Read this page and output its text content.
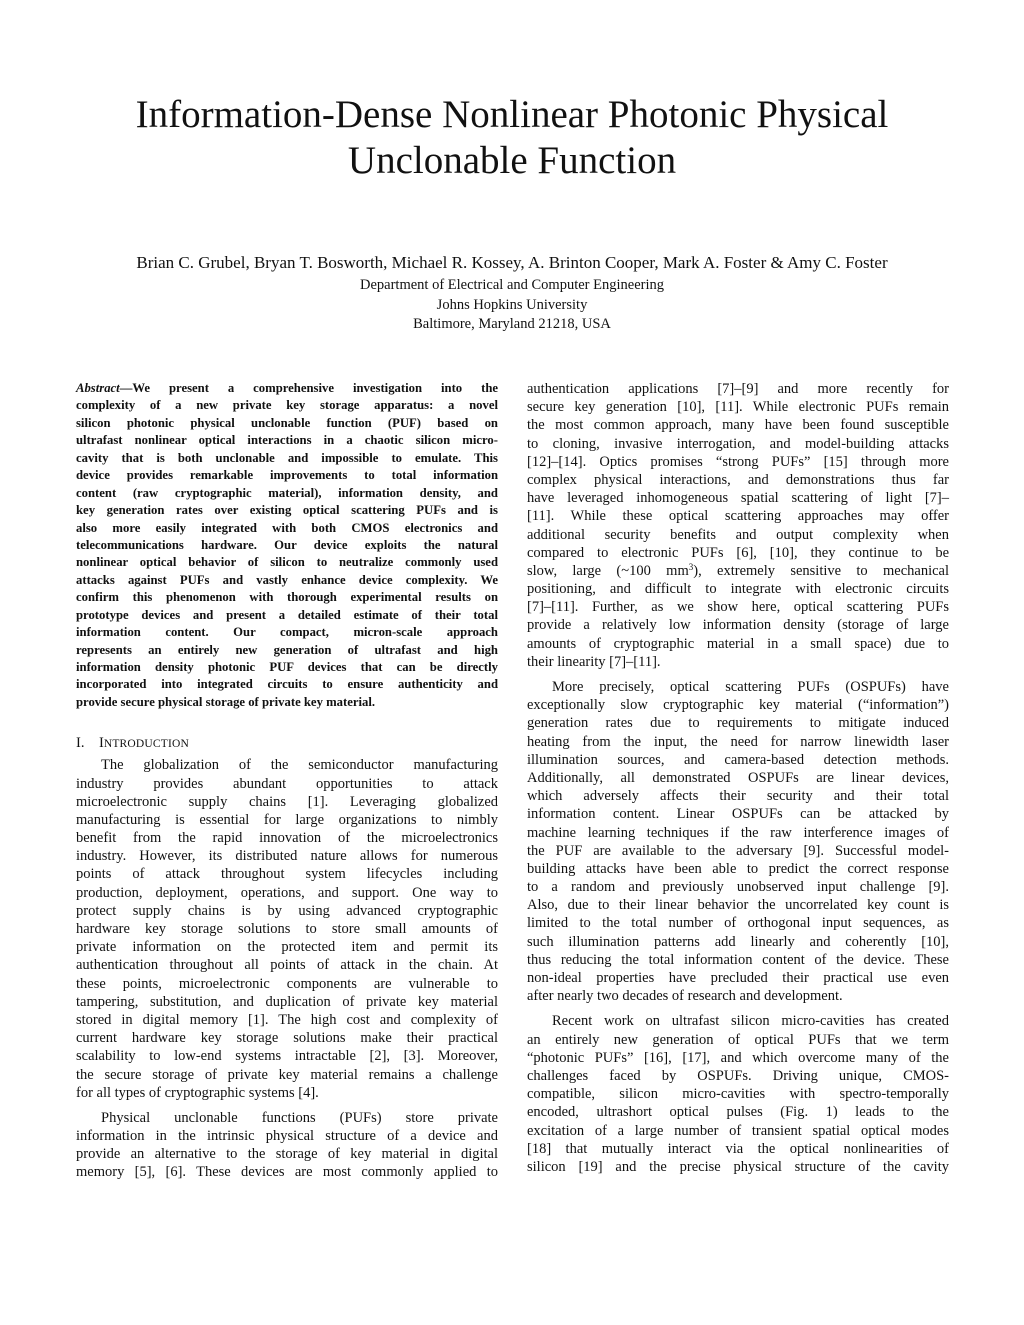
Information-Dense Nonlinear Photonic Physical
Unclonable Function
Brian C. Grubel, Bryan T. Bosworth, Michael R. Kossey, A. Brinton Cooper, Mark A. Foster & Amy C. Foster
Department of Electrical and Computer Engineering
Johns Hopkins University
Baltimore, Maryland 21218, USA
Abstract—We present a comprehensive investigation into the
complexity of a new private key storage apparatus: a novel
silicon photonic physical unclonable function (PUF) based on
ultrafast nonlinear optical interactions in a chaotic silicon micro-
cavity that is both unclonable and impossible to emulate. This
device provides remarkable improvements to total information
content (raw cryptographic material), information density, and
key generation rates over existing optical scattering PUFs and is
also more easily integrated with both CMOS electronics and
telecommunications hardware. Our device exploits the natural
nonlinear optical behavior of silicon to neutralize commonly used
attacks against PUFs and vastly enhance device complexity. We
confirm this phenomenon with thorough experimental results on
prototype devices and present a detailed estimate of their total
information content. Our compact, micron-scale approach
represents an entirely new generation of ultrafast and high
information density photonic PUF devices that can be directly
incorporated into integrated circuits to ensure authenticity and
provide secure physical storage of private key material.
I. INTRODUCTION
The globalization of the semiconductor manufacturing
industry provides abundant opportunities to attack
microelectronic supply chains [1]. Leveraging globalized
manufacturing is essential for large organizations to nimbly
benefit from the rapid innovation of the microelectronics
industry. However, its distributed nature allows for numerous
points of attack throughout system lifecycles including
production, deployment, operations, and support. One way to
protect supply chains is by using advanced cryptographic
hardware key storage solutions to store small amounts of
private information on the protected item and permit its
authentication throughout all points of attack in the chain. At
these points, microelectronic components are vulnerable to
tampering, substitution, and duplication of private key material
stored in digital memory [1]. The high cost and complexity of
current hardware key storage solutions make their practical
scalability to low-end systems intractable [2], [3]. Moreover,
the secure storage of private key material remains a challenge
for all types of cryptographic systems [4].
Physical unclonable functions (PUFs) store private
information in the intrinsic physical structure of a device and
provide an alternative to the storage of key material in digital
memory [5], [6]. These devices are most commonly applied to
authentication applications [7]–[9] and more recently for
secure key generation [10], [11]. While electronic PUFs remain
the most common approach, many have been found susceptible
to cloning, invasive interrogation, and model-building attacks
[12]–[14]. Optics promises “strong PUFs” [15] through more
complex physical interactions, and demonstrations thus far
have leveraged inhomogeneous spatial scattering of light [7]–
[11]. While these optical scattering approaches may offer
additional security benefits and output complexity when
compared to electronic PUFs [6], [10], they continue to be
slow, large (~100 $mm^3$), extremely sensitive to mechanical
positioning, and difficult to integrate with electronic circuits
[7]–[11]. Further, as we show here, optical scattering PUFs
provide a relatively low information density (storage of large
amounts of cryptographic material in a small space) due to
their linearity [7]–[11].
More precisely, optical scattering PUFs (OSPUFs) have
exceptionally slow cryptographic key material (“information”)
generation rates due to requirements to mitigate induced
heating from the input, the need for narrow linewidth laser
illumination sources, and camera-based detection methods.
Additionally, all demonstrated OSPUFs are linear devices,
which adversely affects their security and their total
information content. Linear OSPUFs can be attacked by
machine learning techniques if the raw interference images of
the PUF are available to the adversary [9]. Successful model-
building attacks have been able to predict the correct response
to a random and previously unobserved input challenge [9].
Also, due to their linear behavior the uncorrelated key count is
limited to the total number of orthogonal input sequences, as
such illumination patterns add linearly and coherently [10],
thus reducing the total information content of the device. These
non-ideal properties have precluded their practical use even
after nearly two decades of research and development.
Recent work on ultrafast silicon micro-cavities has created
an entirely new generation of optical PUFs that we term
“photonic PUFs” [16], [17], and which overcome many of the
challenges faced by OSPUFs. Driving unique, CMOS-
compatible, silicon micro-cavities with spectro-temporally
encoded, ultrashort optical pulses (Fig. 1) leads to the
excitation of a large number of transient spatial optical modes
[18] that mutually interact via the optical nonlinearities of
silicon [19] and the precise physical structure of the cavity
